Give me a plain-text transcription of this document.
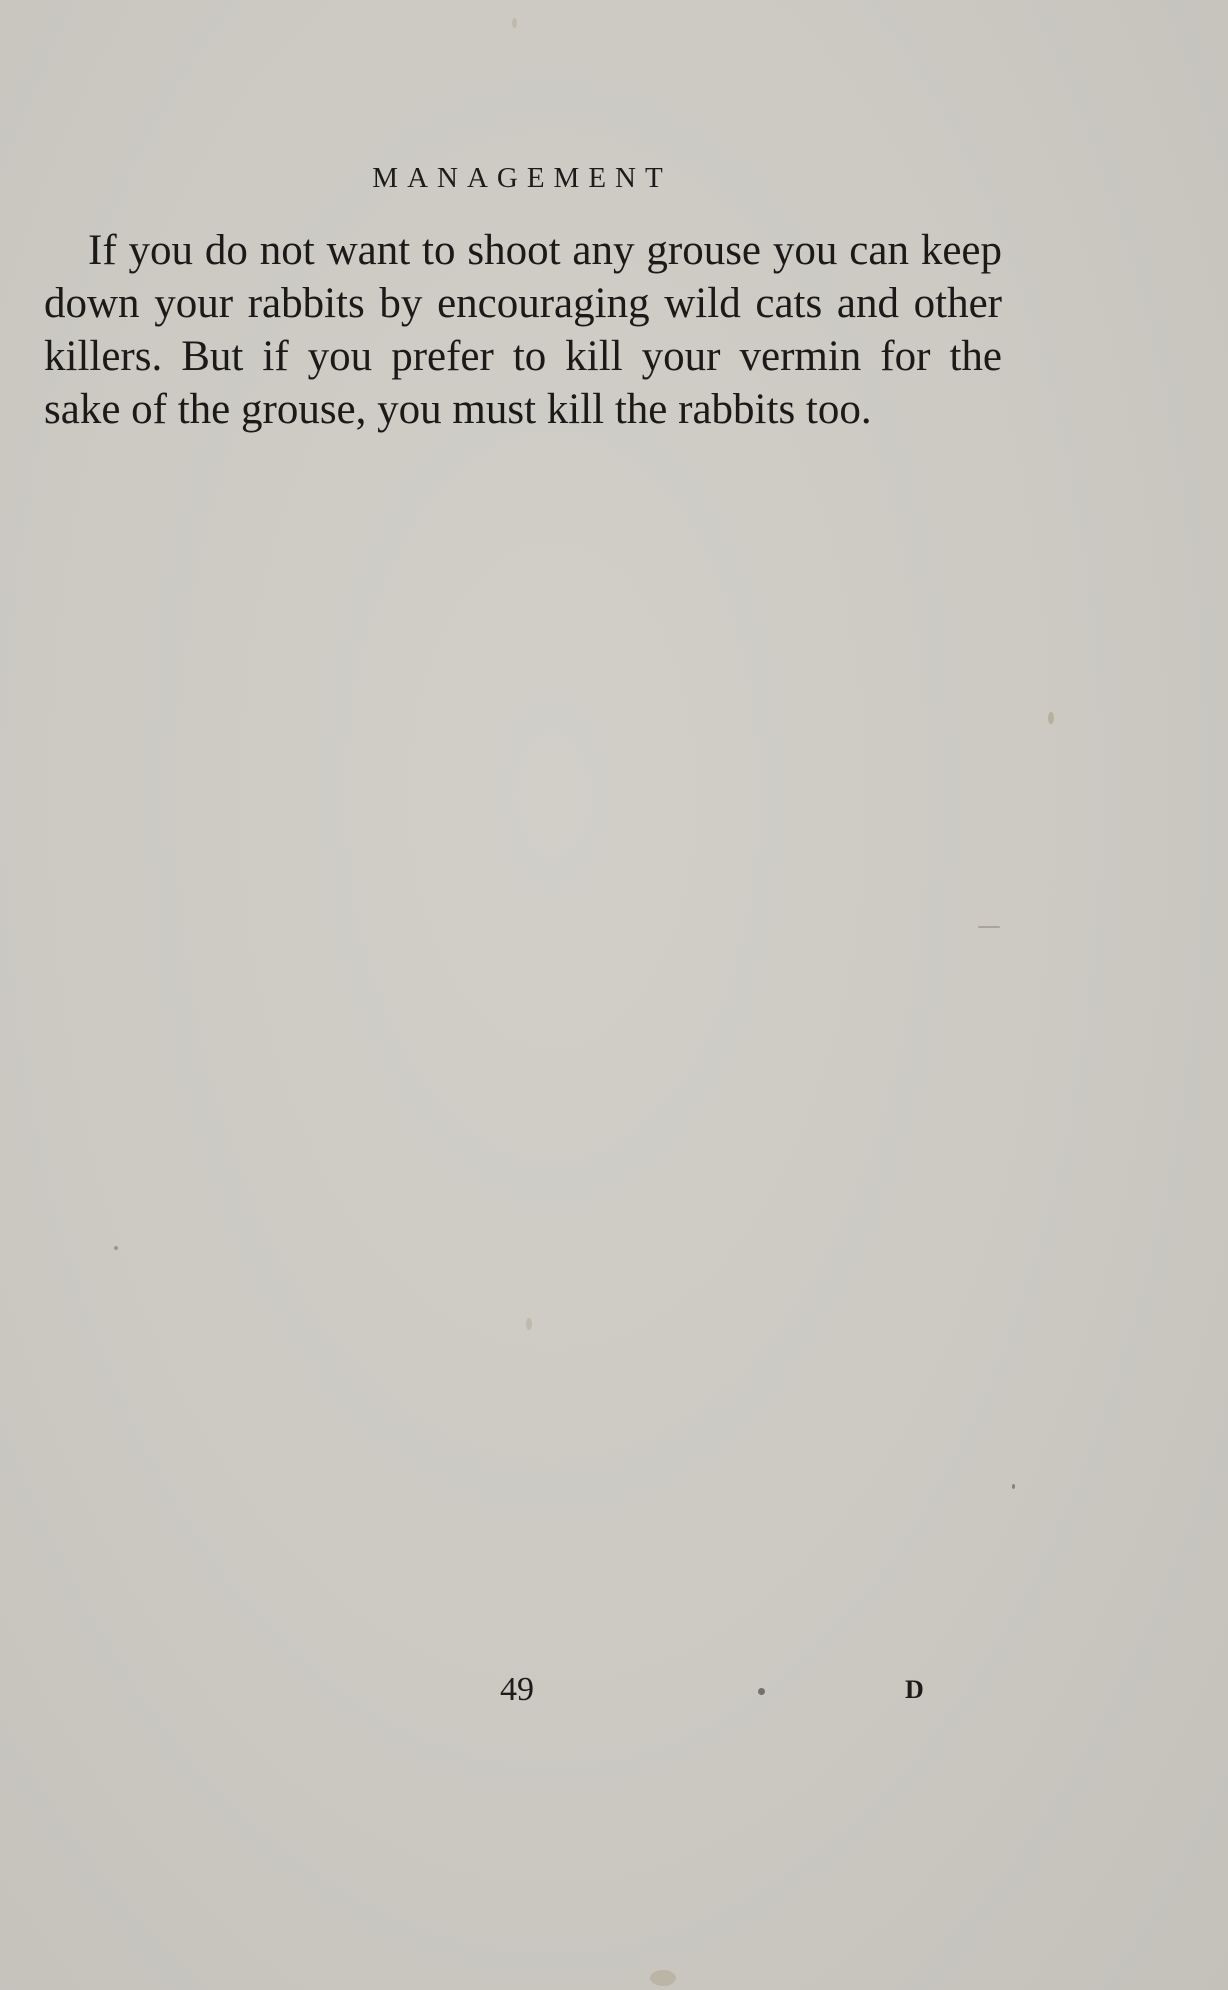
MANAGEMENT

If you do not want to shoot any grouse you can keep down your rabbits by encouraging wild cats and other killers. But if you prefer to kill your vermin for the sake of the grouse, you must kill the rabbits too.

49	D
